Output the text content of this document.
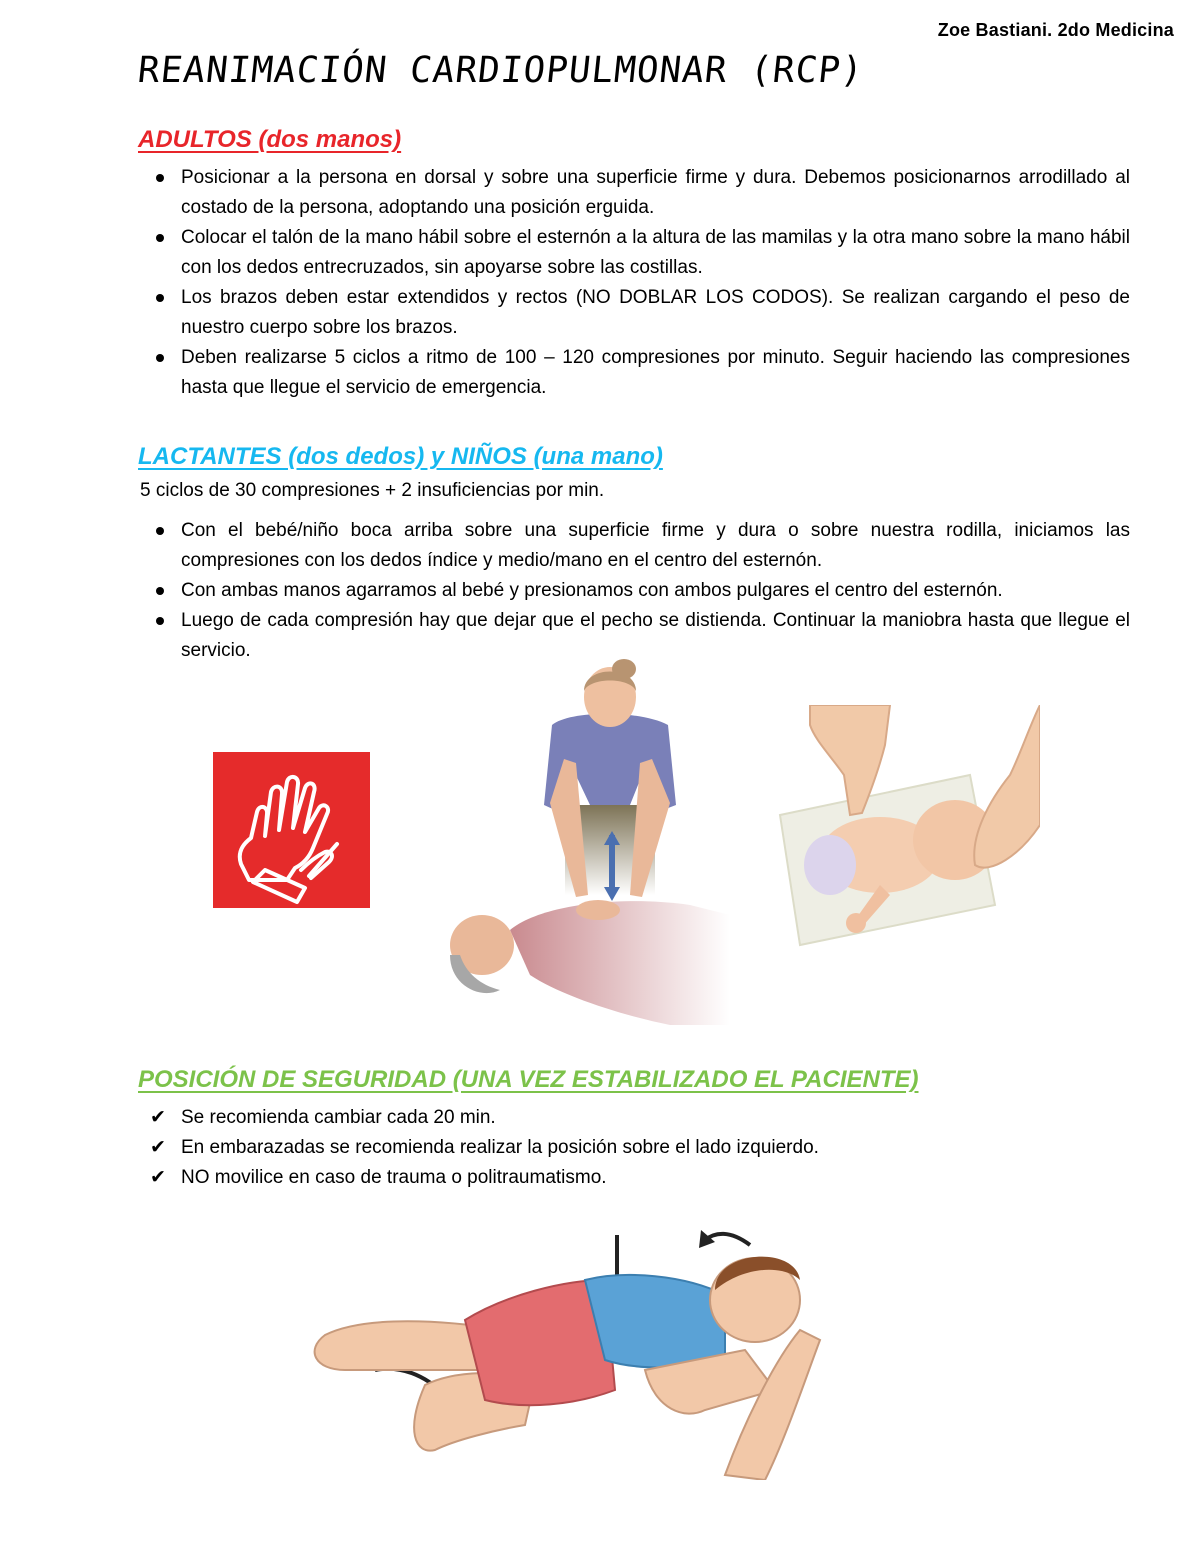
Zoe Bastiani. 2do Medicina
REANIMACIÓN CARDIOPULMONAR (RCP)
ADULTOS (dos manos)
Posicionar a la persona en dorsal y sobre una superficie firme y dura. Debemos posicionarnos arrodillado al costado de la persona, adoptando una posición erguida.
Colocar el talón de la mano hábil sobre el esternón a la altura de las mamilas y la otra mano sobre la mano hábil con los dedos entrecruzados, sin apoyarse sobre las costillas.
Los brazos deben estar extendidos y rectos (NO DOBLAR LOS CODOS). Se realizan cargando el peso de nuestro cuerpo sobre los brazos.
Deben realizarse 5 ciclos a ritmo de 100 – 120 compresiones por minuto. Seguir haciendo las compresiones hasta que llegue el servicio de emergencia.
LACTANTES (dos dedos) y NIÑOS (una mano)
5 ciclos de 30 compresiones + 2 insuficiencias por min.
Con el bebé/niño boca arriba sobre una superficie firme y dura o sobre nuestra rodilla, iniciamos las compresiones con los dedos índice y medio/mano en el centro del esternón.
Con ambas manos agarramos al bebé y presionamos con ambos pulgares el centro del esternón.
Luego de cada compresión hay que dejar que el pecho se distienda. Continuar la maniobra hasta que llegue el servicio.
POSICIÓN DE SEGURIDAD (UNA VEZ ESTABILIZADO EL PACIENTE)
✔ Se recomienda cambiar cada 20 min.
✔ En embarazadas se recomienda realizar la posición sobre el lado izquierdo.
✔ NO movilice en caso de trauma o politraumatismo.
